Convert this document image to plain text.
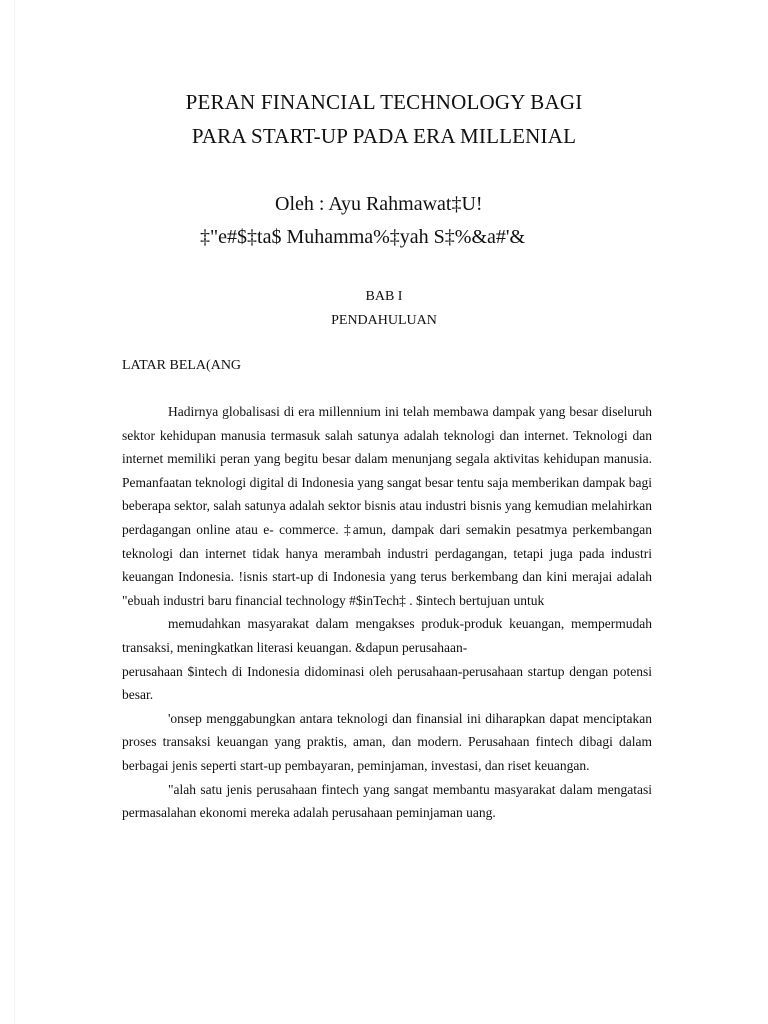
PERAN FINANCIAL TECHNOLOGY BAGI
PARA START-UP PADA ERA MILLENIAL

Oleh : Ayu Rahmawat‡U!

‡"e#$‡ta$ Muhamma%‡yah S‡%&a#'&

BAB I

PENDAHULUAN

LATAR BELA(ANG

Hadirnya globalisasi di era millennium ini telah membawa dampak yang besar diseluruh sektor kehidupan manusia termasuk salah satunya adalah teknologi dan internet. Teknologi dan internet memiliki peran yang begitu besar dalam menunjang segala aktivitas kehidupan manusia. Pemanfaatan teknologi digital di Indonesia yang sangat besar tentu saja memberikan dampak bagi beberapa sektor, salah satunya adalah sektor bisnis atau industri bisnis yang kemudian melahirkan perdagangan online atau e- commerce. ‡amun, dampak dari semakin pesatmya perkembangan teknologi dan internet tidak hanya merambah industri perdagangan, tetapi juga pada industri keuangan Indonesia. !isnis start-up di Indonesia yang terus berkembang dan kini merajai adalah "ebuah industri baru financial technology #$inTech‡ . $intech bertujuan untuk

memudahkan masyarakat dalam mengakses produk-produk keuangan, mempermudah transaksi, meningkatkan literasi keuangan. &dapun perusahaan-

perusahaan $intech di Indonesia didominasi oleh perusahaan-perusahaan startup dengan potensi besar.

'onsep menggabungkan antara teknologi dan finansial ini diharapkan dapat menciptakan proses transaksi keuangan yang praktis, aman, dan modern. Perusahaan fintech dibagi dalam berbagai jenis seperti start-up pembayaran, peminjaman, investasi, dan riset keuangan.

"alah satu jenis perusahaan fintech yang sangat membantu masyarakat dalam mengatasi permasalahan ekonomi mereka adalah perusahaan peminjaman uang.
